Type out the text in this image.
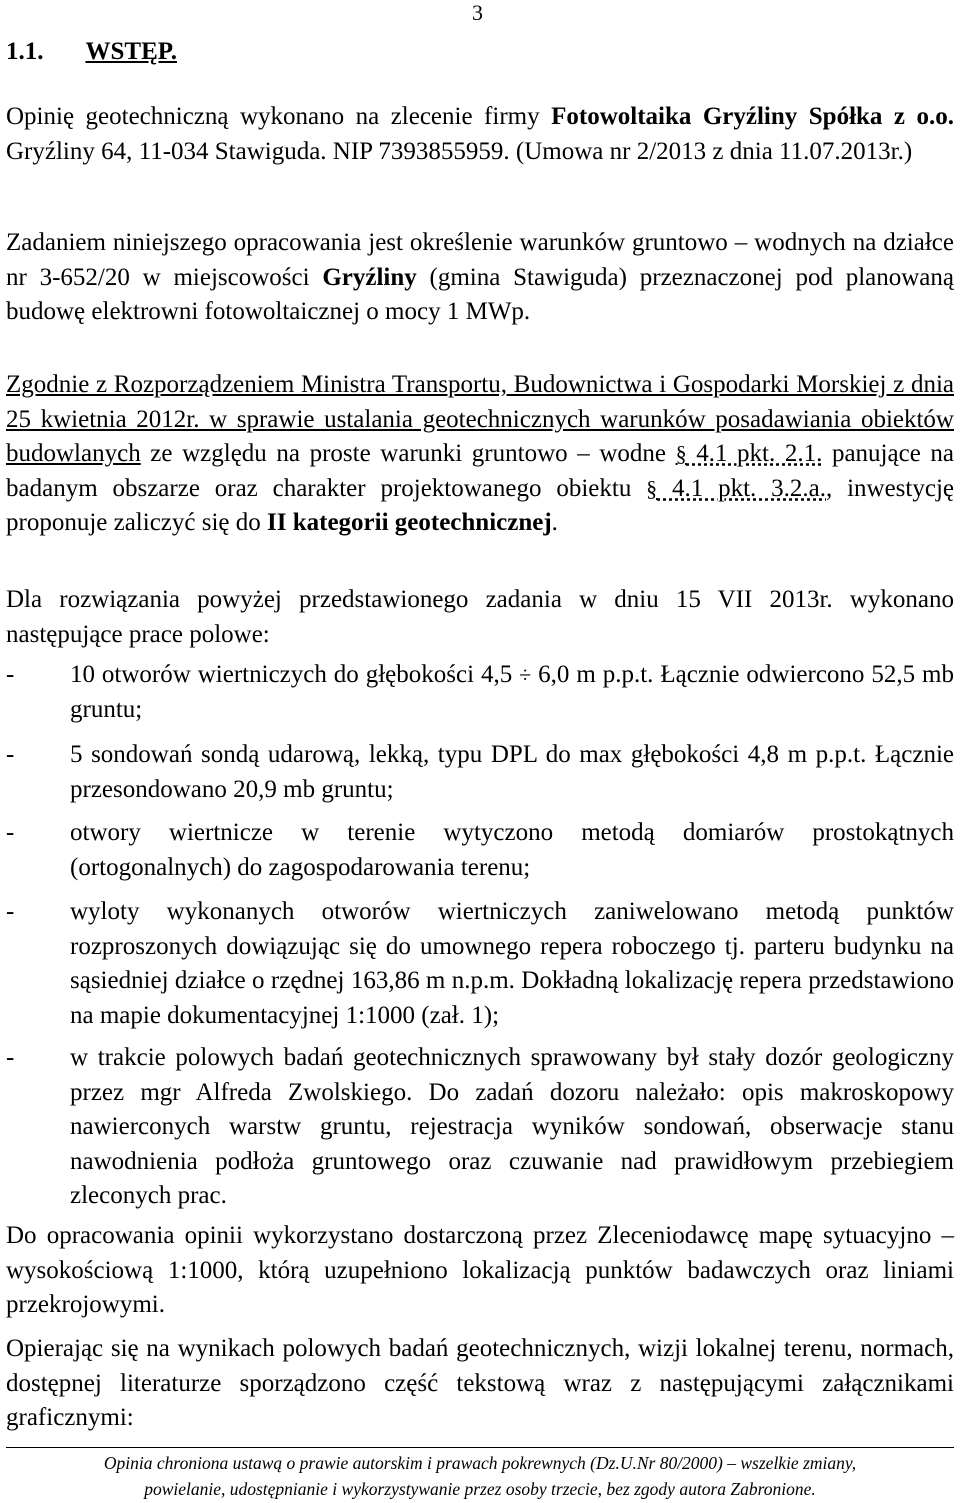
3
1.1. WSTĘP.

Opinię geotechniczną wykonano na zlecenie firmy Fotowoltaika Gryźliny Spółka z o.o. Gryźliny 64, 11-034 Stawiguda. NIP 7393855959. (Umowa nr 2/2013 z dnia 11.07.2013r.)

Zadaniem niniejszego opracowania jest określenie warunków gruntowo – wodnych na działce nr 3-652/20 w miejscowości Gryźliny (gmina Stawiguda) przeznaczonej pod planowaną budowę elektrowni fotowoltaicznej o mocy 1 MWp.

Zgodnie z Rozporządzeniem Ministra Transportu, Budownictwa i Gospodarki Morskiej z dnia 25 kwietnia 2012r. w sprawie ustalania geotechnicznych warunków posadawiania obiektów budowlanych ze względu na proste warunki gruntowo – wodne § 4.1 pkt. 2.1. panujące na badanym obszarze oraz charakter projektowanego obiektu § 4.1 pkt. 3.2.a., inwestycję proponuje zaliczyć się do II kategorii geotechnicznej.

Dla rozwiązania powyżej przedstawionego zadania w dniu 15 VII 2013r. wykonano następujące prace polowe:

- 10 otworów wiertniczych do głębokości 4,5 ÷ 6,0 m p.p.t. Łącznie odwiercono 52,5 mb gruntu;
- 5 sondowań sondą udarową, lekką, typu DPL do max głębokości 4,8 m p.p.t. Łącznie przesondowano 20,9 mb gruntu;
- otwory wiertnicze w terenie wytyczono metodą domiarów prostokątnych (ortogonalnych) do zagospodarowania terenu;
- wyloty wykonanych otworów wiertniczych zaniwelowano metodą punktów rozproszonych dowiązując się do umownego repera roboczego tj. parteru budynku na sąsiedniej działce o rzędnej 163,86 m n.p.m. Dokładną lokalizację repera przedstawiono na mapie dokumentacyjnej 1:1000 (zał. 1);
- w trakcie polowych badań geotechnicznych sprawowany był stały dozór geologiczny przez mgr Alfreda Zwolskiego. Do zadań dozoru należało: opis makroskopowy nawierconych warstw gruntu, rejestracja wyników sondowań, obserwacje stanu nawodnienia podłoża gruntowego oraz czuwanie nad prawidłowym przebiegiem zleconych prac.

Do opracowania opinii wykorzystano dostarczoną przez Zleceniodawcę mapę sytuacyjno – wysokościową 1:1000, którą uzupełniono lokalizacją punktów badawczych oraz liniami przekrojowymi.

Opierając się na wynikach polowych badań geotechnicznych, wizji lokalnej terenu, normach, dostępnej literaturze sporządzono część tekstową wraz z następującymi załącznikami graficznymi:

Opinia chroniona ustawą o prawie autorskim i prawach pokrewnych (Dz.U.Nr 80/2000) – wszelkie zmiany,
powielanie, udostępnianie i wykorzystywanie przez osoby trzecie, bez zgody autora Zabronione.
